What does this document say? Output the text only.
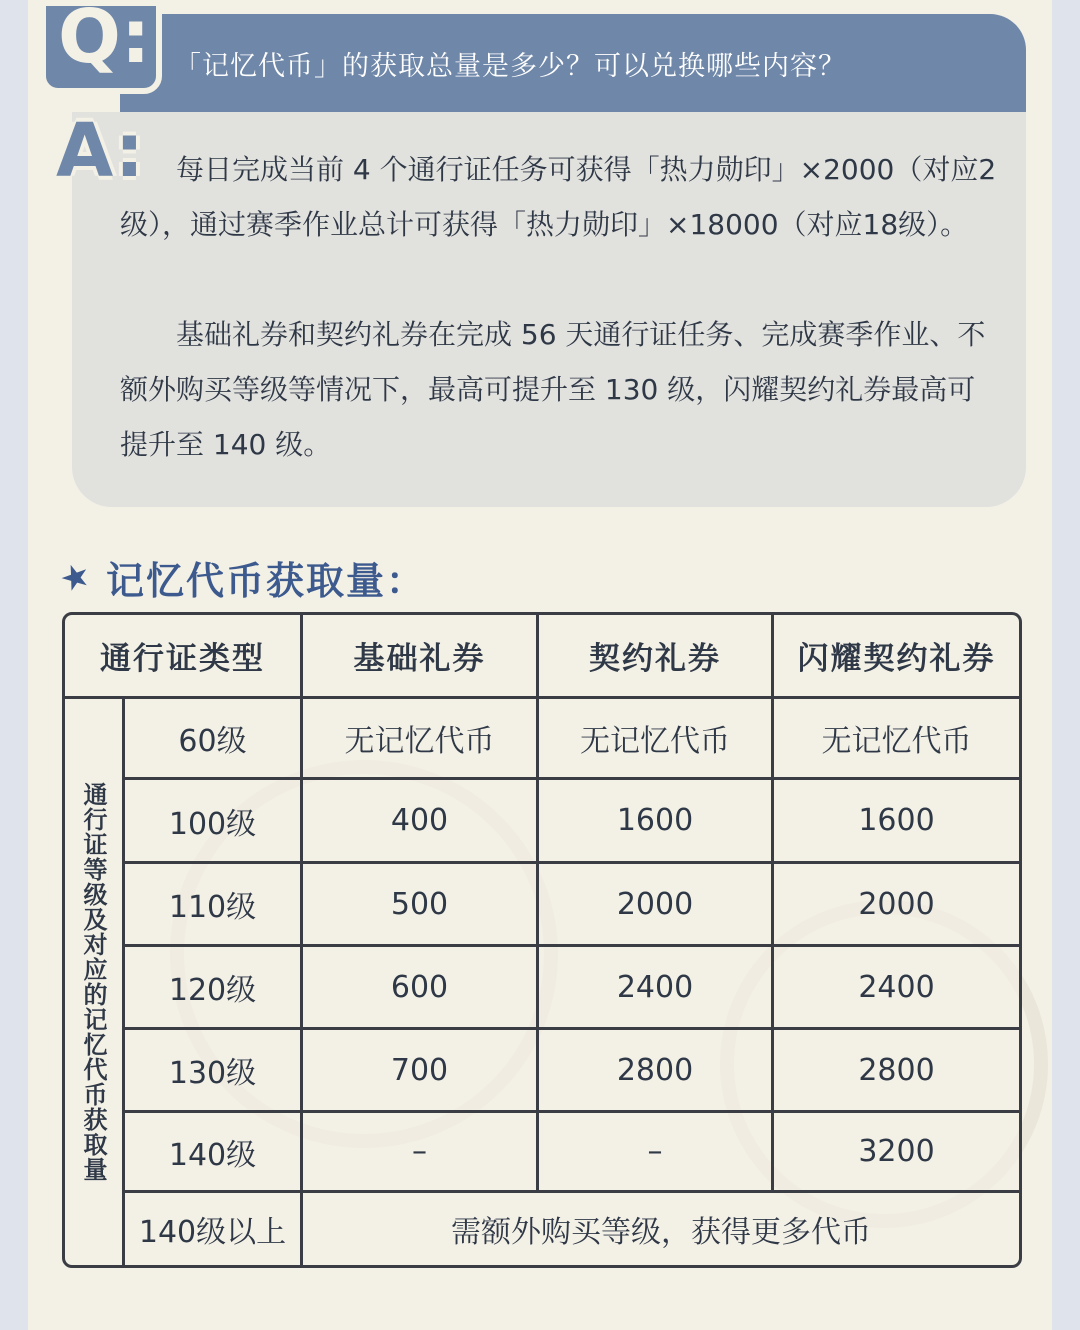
Q: 「记忆代币」的获取总量是多少？可以兑换哪些内容？
A:	每日完成当前 4 个通行证任务可获得「热力勋印」×2000（对应2级），通过赛季作业总计可获得「热力勋印」×18000（对应18级）。

基础礼券和契约礼券在完成 56 天通行证任务、完成赛季作业、不额外购买等级等情况下，最高可提升至 130 级，闪耀契约礼券最高可提升至 140 级。

★ 记忆代币获取量：
通行证类型	基础礼券	契约礼券	闪耀契约礼券
通行证等级及对应的记忆代币获取量
60级	无记忆代币	无记忆代币	无记忆代币
100级	400	1600	1600
110级	500	2000	2000
120级	600	2400	2400
130级	700	2800	2800
140级	–	–	3200
140级以上	需额外购买等级，获得更多代币
